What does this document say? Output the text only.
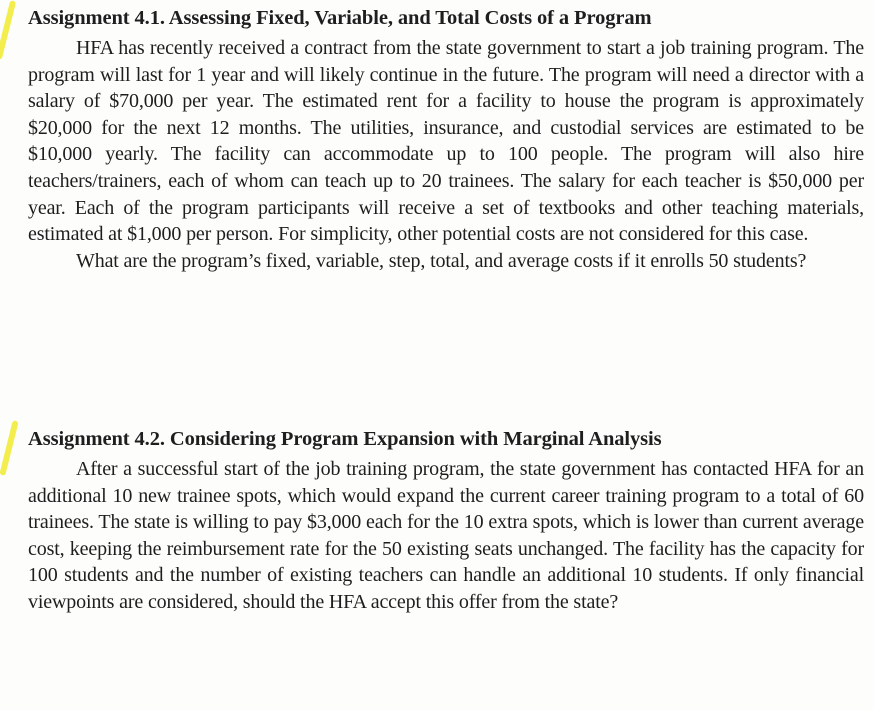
Assignment 4.1. Assessing Fixed, Variable, and Total Costs of a Program

HFA has recently received a contract from the state government to start a job training program. The program will last for 1 year and will likely continue in the future. The program will need a director with a salary of $70,000 per year. The estimated rent for a facility to house the program is approximately $20,000 for the next 12 months. The utilities, insurance, and custodial services are estimated to be $10,000 yearly. The facility can accommodate up to 100 people. The program will also hire teachers/trainers, each of whom can teach up to 20 trainees. The salary for each teacher is $50,000 per year. Each of the program participants will receive a set of textbooks and other teaching materials, estimated at $1,000 per person. For simplicity, other potential costs are not considered for this case.

What are the program’s fixed, variable, step, total, and average costs if it enrolls 50 students?

Assignment 4.2. Considering Program Expansion with Marginal Analysis

After a successful start of the job training program, the state government has contacted HFA for an additional 10 new trainee spots, which would expand the current career training program to a total of 60 trainees. The state is willing to pay $3,000 each for the 10 extra spots, which is lower than current average cost, keeping the reimbursement rate for the 50 existing seats unchanged. The facility has the capacity for 100 students and the number of existing teachers can handle an additional 10 students. If only financial viewpoints are considered, should the HFA accept this offer from the state?
